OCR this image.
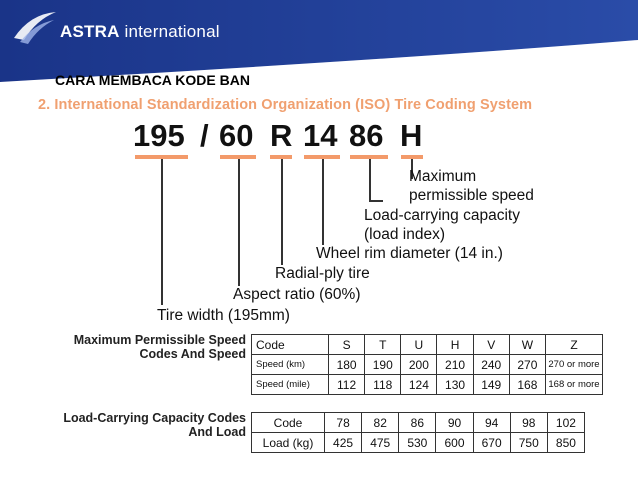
ASTRA international
CARA MEMBACA KODE BAN
2. International Standardization Organization (ISO) Tire Coding System
195 / 60 R 14 86 H
Maximum
permissible speed
Load-carrying capacity
(load index)
Wheel rim diameter (14 in.)
Radial-ply tire
Aspect ratio (60%)
Tire width (195mm)
Maximum Permissible Speed
Codes And Speed
Code	S	T	U	H	V	W	Z
Speed (km)	180	190	200	210	240	270	270 or more
Speed (mile)	112	118	124	130	149	168	168 or more
Load-Carrying Capacity Codes
And Load
Code	78	82	86	90	94	98	102
Load (kg)	425	475	530	600	670	750	850
